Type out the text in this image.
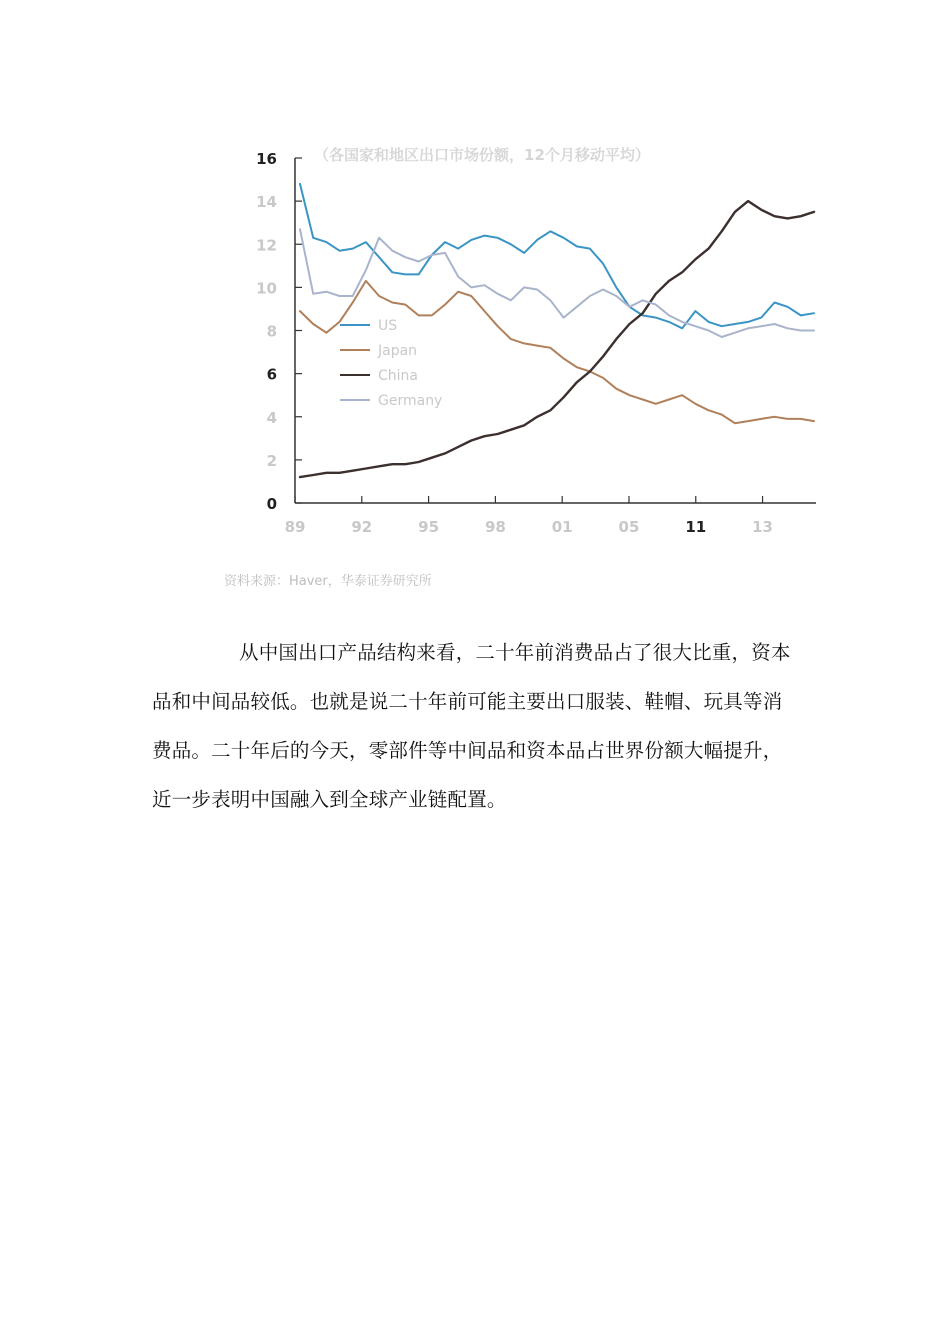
（各国家和地区出口市场份额，12个月移动平均）
0
2
4
6
8
10
12
14
16
89	92	95	98	01	05	11	13
US
Japan
China
Germany
资料来源：Haver，华泰证券研究所
从中国出口产品结构来看，二十年前消费品占了很大比重，资本品和中间品较低。也就是说二十年前可能主要出口服装、鞋帽、玩具等消费品。二十年后的今天，零部件等中间品和资本品占世界份额大幅提升，近一步表明中国融入到全球产业链配置。
